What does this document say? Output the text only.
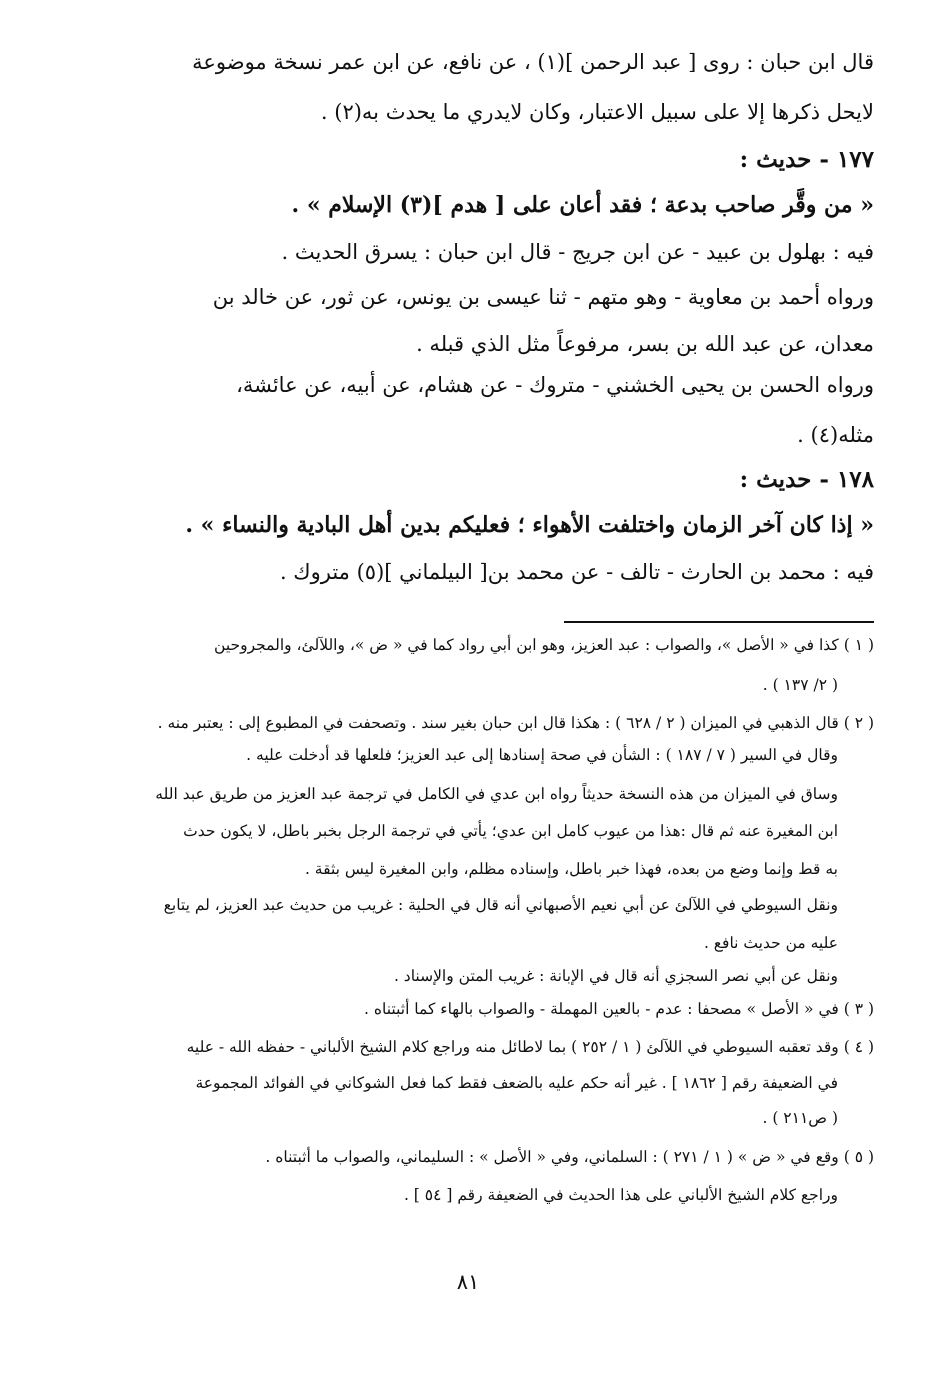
قال ابن حبان : روى [ عبد الرحمن ](١) ، عن نافع، عن ابن عمر نسخة موضوعة
لايحل ذكرها إلا على سبيل الاعتبار، وكان لايدري ما يحدث به(٢) .
١٧٧ - حديث :
« من وقَّر صاحب بدعة ؛ فقد أعان على [ هدم ](٣) الإسلام » .
فيه : بهلول بن عبيد - عن ابن جريج - قال ابن حبان : يسرق الحديث .
ورواه أحمد بن معاوية - وهو متهم - ثنا عيسى بن يونس، عن ثور، عن خالد بن
معدان، عن عبد الله بن بسر، مرفوعاً مثل الذي قبله .
ورواه الحسن بن يحيى الخشني - متروك - عن هشام، عن أبيه، عن عائشة،
مثله(٤) .
١٧٨ - حديث :
« إذا كان آخر الزمان واختلفت الأهواء ؛ فعليكم بدين أهل البادية والنساء » .
فيه : محمد بن الحارث - تالف - عن محمد بن[ البيلماني ](٥) متروك .
( ١ ) كذا في « الأصل »، والصواب : عبد العزيز، وهو ابن أبي رواد كما في « ض »، واللآلئ، والمجروحين
( ٢/ ١٣٧ ) .
( ٢ ) قال الذهبي في الميزان ( ٢ / ٦٢٨ ) : هكذا قال ابن حبان بغير سند . وتصحفت في المطبوع إلى : يعتبر منه .
وقال في السير ( ٧ / ١٨٧ ) : الشأن في صحة إسنادها إلى عبد العزيز؛ فلعلها قد أدخلت عليه .
وساق في الميزان من هذه النسخة حديثاً رواه ابن عدي في الكامل في ترجمة عبد العزيز من طريق عبد الله
ابن المغيرة عنه ثم قال :هذا من عيوب كامل ابن عدي؛ يأتي في ترجمة الرجل بخبر باطل، لا يكون حدث
به قط وإنما وضع من بعده، فهذا خبر باطل، وإسناده مظلم، وابن المغيرة ليس بثقة .
ونقل السيوطي في اللآلئ عن أبي نعيم الأصبهاني أنه قال في الحلية : غريب من حديث عبد العزيز، لم يتابع
عليه من حديث نافع .
ونقل عن أبي نصر السجزي أنه قال في الإبانة : غريب المتن والإسناد .
( ٣ ) في « الأصل » مصحفا : عدم - بالعين المهملة - والصواب بالهاء كما أثبتناه .
( ٤ ) وقد تعقبه السيوطي في اللآلئ ( ١ / ٢٥٢ ) بما لاطائل منه وراجع كلام الشيخ الألباني - حفظه الله - عليه
في الضعيفة رقم [ ١٨٦٢ ] . غير أنه حكم عليه بالضعف فقط كما فعل الشوكاني في الفوائد المجموعة
( ص٢١١ ) .
( ٥ ) وقع في « ض » ( ١ / ٢٧١ ) : السلماني، وفي « الأصل » : السليماني، والصواب ما أثبتناه .
وراجع كلام الشيخ الألباني على هذا الحديث في الضعيفة رقم [ ٥٤ ] .
٨١
